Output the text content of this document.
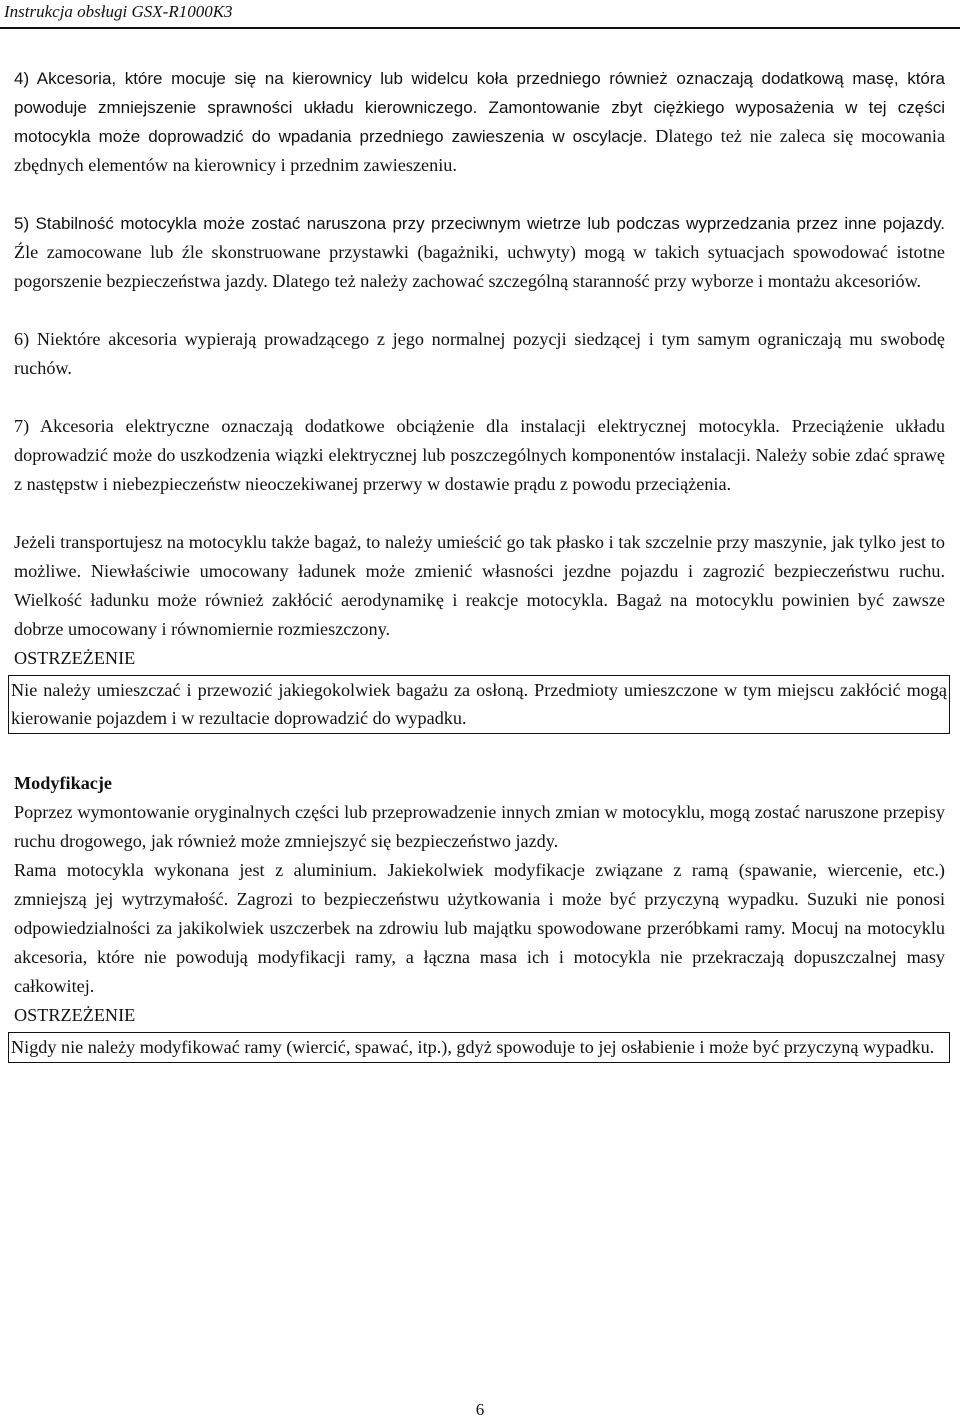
Instrukcja obsługi GSX-R1000K3

4) Akcesoria, które mocuje się na kierownicy lub widelcu koła przedniego również oznaczają dodatkową masę, która powoduje zmniejszenie sprawności układu kierowniczego. Zamontowanie zbyt ciężkiego wyposażenia w tej części motocykla może doprowadzić do wpadania przedniego zawieszenia w oscylacje. Dlatego też nie zaleca się mocowania zbędnych elementów na kierownicy i przednim zawieszeniu.

5) Stabilność motocykla może zostać naruszona przy przeciwnym wietrze lub podczas wyprzedzania przez inne pojazdy. Źle zamocowane lub źle skonstruowane przystawki (bagażniki, uchwyty) mogą w takich sytuacjach spowodować istotne pogorszenie bezpieczeństwa jazdy. Dlatego też należy zachować szczególną staranność przy wyborze i montażu akcesoriów.

6) Niektóre akcesoria wypierają prowadzącego z jego normalnej pozycji siedzącej i tym samym ograniczają mu swobodę ruchów.

7) Akcesoria elektryczne oznaczają dodatkowe obciążenie dla instalacji elektrycznej motocykla. Przeciążenie układu doprowadzić może do uszkodzenia wiązki elektrycznej lub poszczególnych komponentów instalacji. Należy sobie zdać sprawę z następstw i niebezpieczeństw nieoczekiwanej przerwy w dostawie prądu z powodu przeciążenia.

Jeżeli transportujesz na motocyklu także bagaż, to należy umieścić go tak płasko i tak szczelnie przy maszynie, jak tylko jest to możliwe. Niewłaściwie umocowany ładunek może zmienić własności jezdne pojazdu i zagrozić bezpieczeństwu ruchu. Wielkość ładunku może również zakłócić aerodynamikę i reakcje motocykla. Bagaż na motocyklu powinien być zawsze dobrze umocowany i równomiernie rozmieszczony.

OSTRZEŻENIE

Nie należy umieszczać i przewozić jakiegokolwiek bagażu za osłoną. Przedmioty umieszczone w tym miejscu zakłócić mogą kierowanie pojazdem i w rezultacie doprowadzić do wypadku.

Modyfikacje

Poprzez wymontowanie oryginalnych części lub przeprowadzenie innych zmian w motocyklu, mogą zostać naruszone przepisy ruchu drogowego, jak również może zmniejszyć się bezpieczeństwo jazdy.

Rama motocykla wykonana jest z aluminium. Jakiekolwiek modyfikacje związane z ramą (spawanie, wiercenie, etc.) zmniejszą jej wytrzymałość. Zagrozi to bezpieczeństwu użytkowania i może być przyczyną wypadku. Suzuki nie ponosi odpowiedzialności za jakikolwiek uszczerbek na zdrowiu lub majątku spowodowane przeróbkami ramy. Mocuj na motocyklu akcesoria, które nie powodują modyfikacji ramy, a łączna masa ich i motocykla nie przekraczają dopuszczalnej masy całkowitej.

OSTRZEŻENIE

Nigdy nie należy modyfikować ramy (wiercić, spawać, itp.), gdyż spowoduje to jej osłabienie i może być przyczyną wypadku.

6
